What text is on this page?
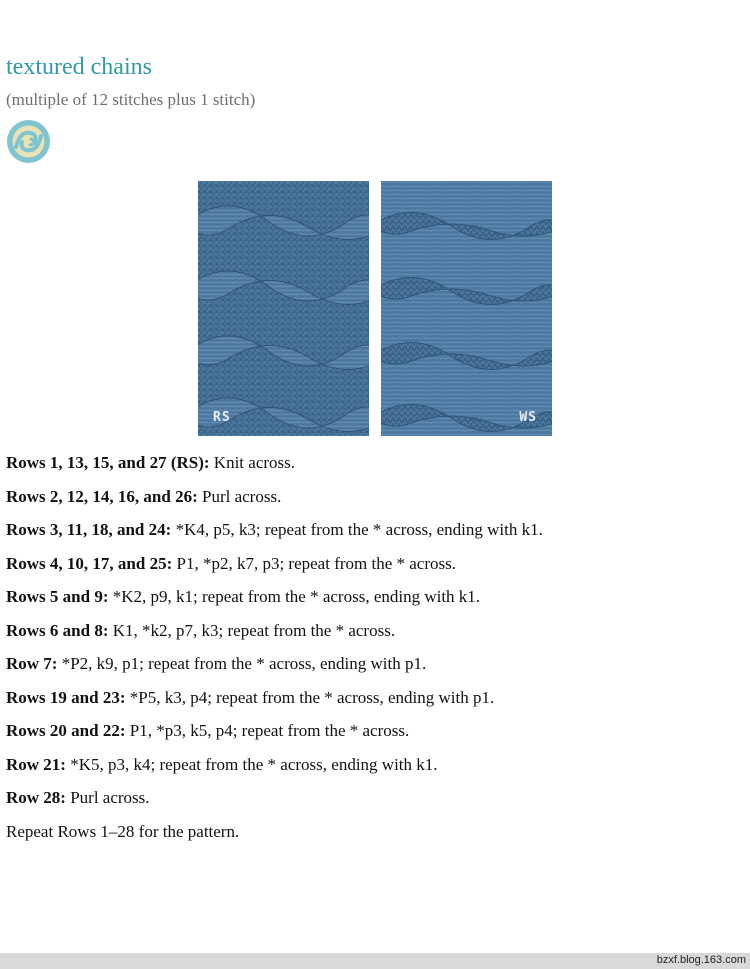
textured chains
(multiple of 12 stitches plus 1 stitch)
RS	WS

Rows 1, 13, 15, and 27 (RS): Knit across.

Rows 2, 12, 14, 16, and 26: Purl across.

Rows 3, 11, 18, and 24: *K4, p5, k3; repeat from the * across, ending with k1.

Rows 4, 10, 17, and 25: P1, *p2, k7, p3; repeat from the * across.

Rows 5 and 9: *K2, p9, k1; repeat from the * across, ending with k1.

Rows 6 and 8: K1, *k2, p7, k3; repeat from the * across.

Row 7: *P2, k9, p1; repeat from the * across, ending with p1.

Rows 19 and 23: *P5, k3, p4; repeat from the * across, ending with p1.

Rows 20 and 22: P1, *p3, k5, p4; repeat from the * across.

Row 21: *K5, p3, k4; repeat from the * across, ending with k1.

Row 28: Purl across.

Repeat Rows 1–28 for the pattern.

bzxf.blog.163.com
